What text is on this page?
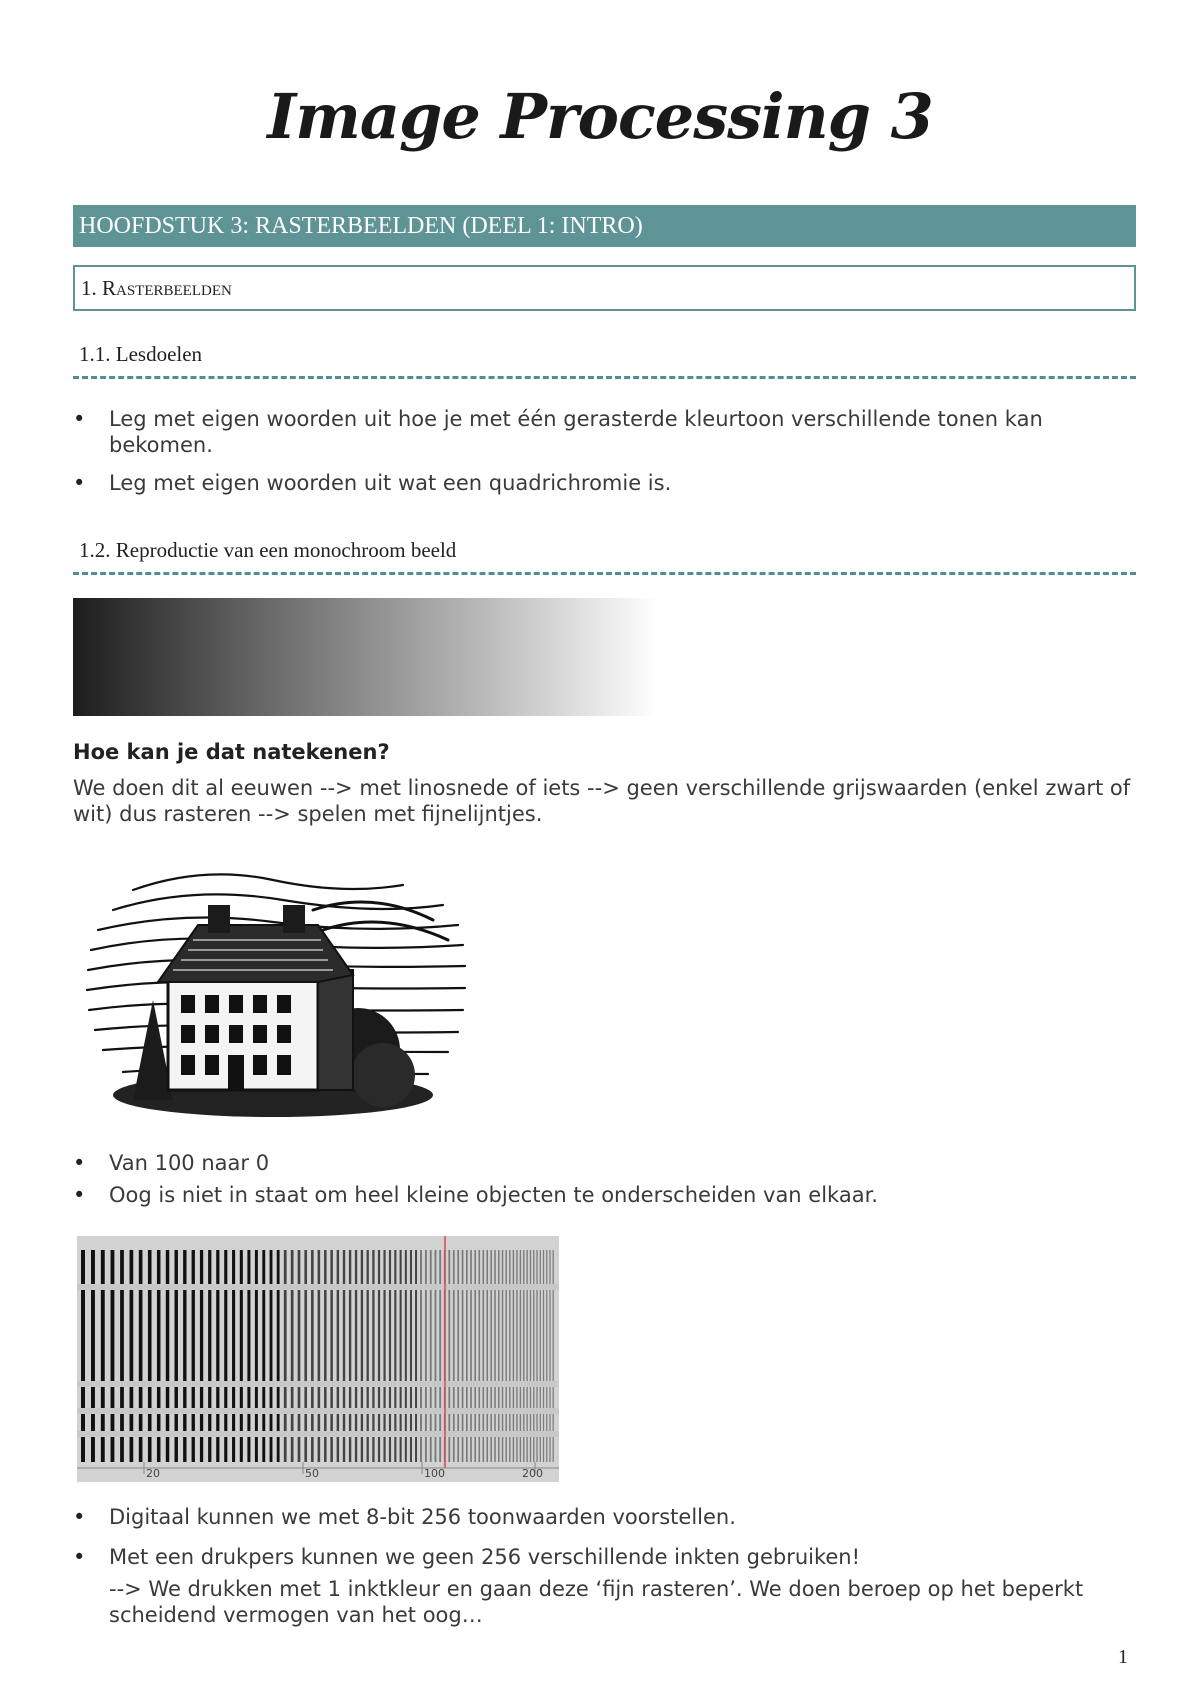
Image Processing 3
HOOFDSTUK 3: RASTERBEELDEN (DEEL 1: INTRO)
1. Rasterbeelden
1.1. Lesdoelen
• Leg met eigen woorden uit hoe je met één gerasterde kleurtoon verschillende tonen kan bekomen.
• Leg met eigen woorden uit wat een quadrichromie is.
1.2. Reproductie van een monochroom beeld
Hoe kan je dat natekenen?
We doen dit al eeuwen --> met linosnede of iets --> geen verschillende grijswaarden (enkel zwart of wit) dus rasteren --> spelen met fijnelijntjes.
• Van 100 naar 0
• Oog is niet in staat om heel kleine objecten te onderscheiden van elkaar.
20	50	100	200
• Digitaal kunnen we met 8-bit 256 toonwaarden voorstellen.
• Met een drukpers kunnen we geen 256 verschillende inkten gebruiken!
--> We drukken met 1 inktkleur en gaan deze ‘fijn rasteren’. We doen beroep op het beperkt scheidend vermogen van het oog…
1
